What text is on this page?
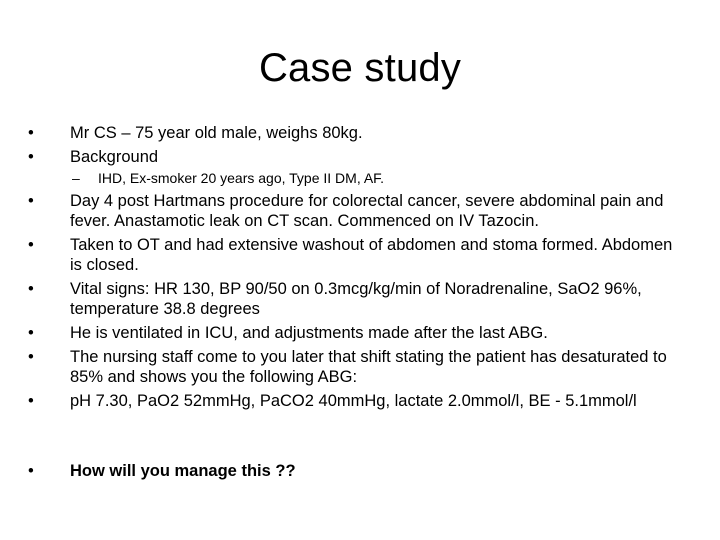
Case study
•	Mr CS – 75 year old male, weighs 80kg.
•	Background
–	IHD, Ex-smoker 20 years ago, Type II DM, AF.
•	Day 4 post Hartmans procedure for colorectal cancer, severe abdominal pain and fever. Anastamotic leak on CT scan. Commenced on IV Tazocin.
•	Taken to OT and had extensive washout of abdomen and stoma formed. Abdomen is closed.
•	Vital signs: HR 130, BP 90/50 on 0.3mcg/kg/min of Noradrenaline, SaO2 96%, temperature 38.8 degrees
•	He is ventilated in ICU, and adjustments made after the last ABG.
•	The nursing staff come to you later that shift stating the patient has desaturated to 85% and shows you the following ABG:
•	pH 7.30, PaO2 52mmHg, PaCO2 40mmHg, lactate 2.0mmol/l, BE - 5.1mmol/l
•	How will you manage this ??
